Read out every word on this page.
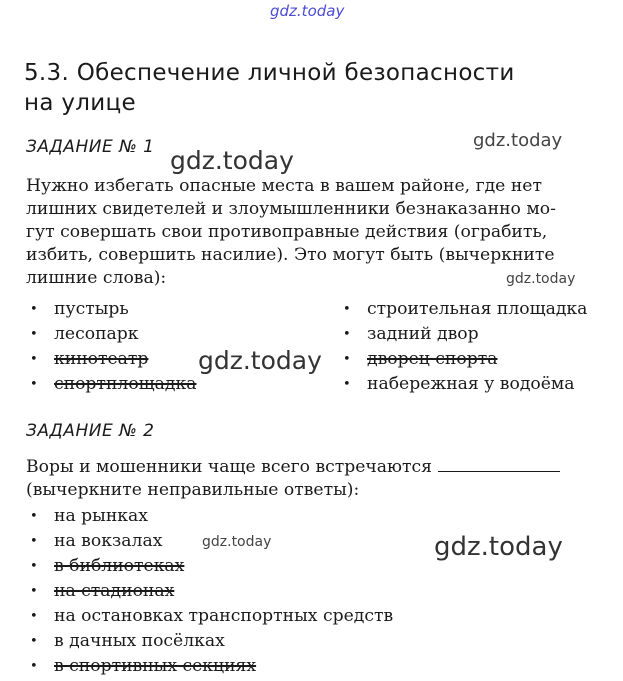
gdz.today
5.3. Обеспечение личной безопасности
на улице
ЗАДАНИЕ № 1
Нужно избегать опасные места в вашем районе, где нет
лишних свидетелей и злоумышленники безнаказанно мо-
гут совершать свои противоправные действия (ограбить,
избить, совершить насилие). Это могут быть (вычеркните
лишние слова):
• пустырь
• лесопарк
• кинотеатр
• спортплощадка
• строительная площадка
• задний двор
• дворец спорта
• набережная у водоёма
ЗАДАНИЕ № 2
Воры и мошенники чаще всего встречаются
(вычеркните неправильные ответы):
• на рынках
• на вокзалах
• в библиотеках
• на стадионах
• на остановках транспортных средств
• в дачных посёлках
• в спортивных секциях
gdz.today
gdz.today
gdz.today
gdz.today
gdz.today	gdz.today
